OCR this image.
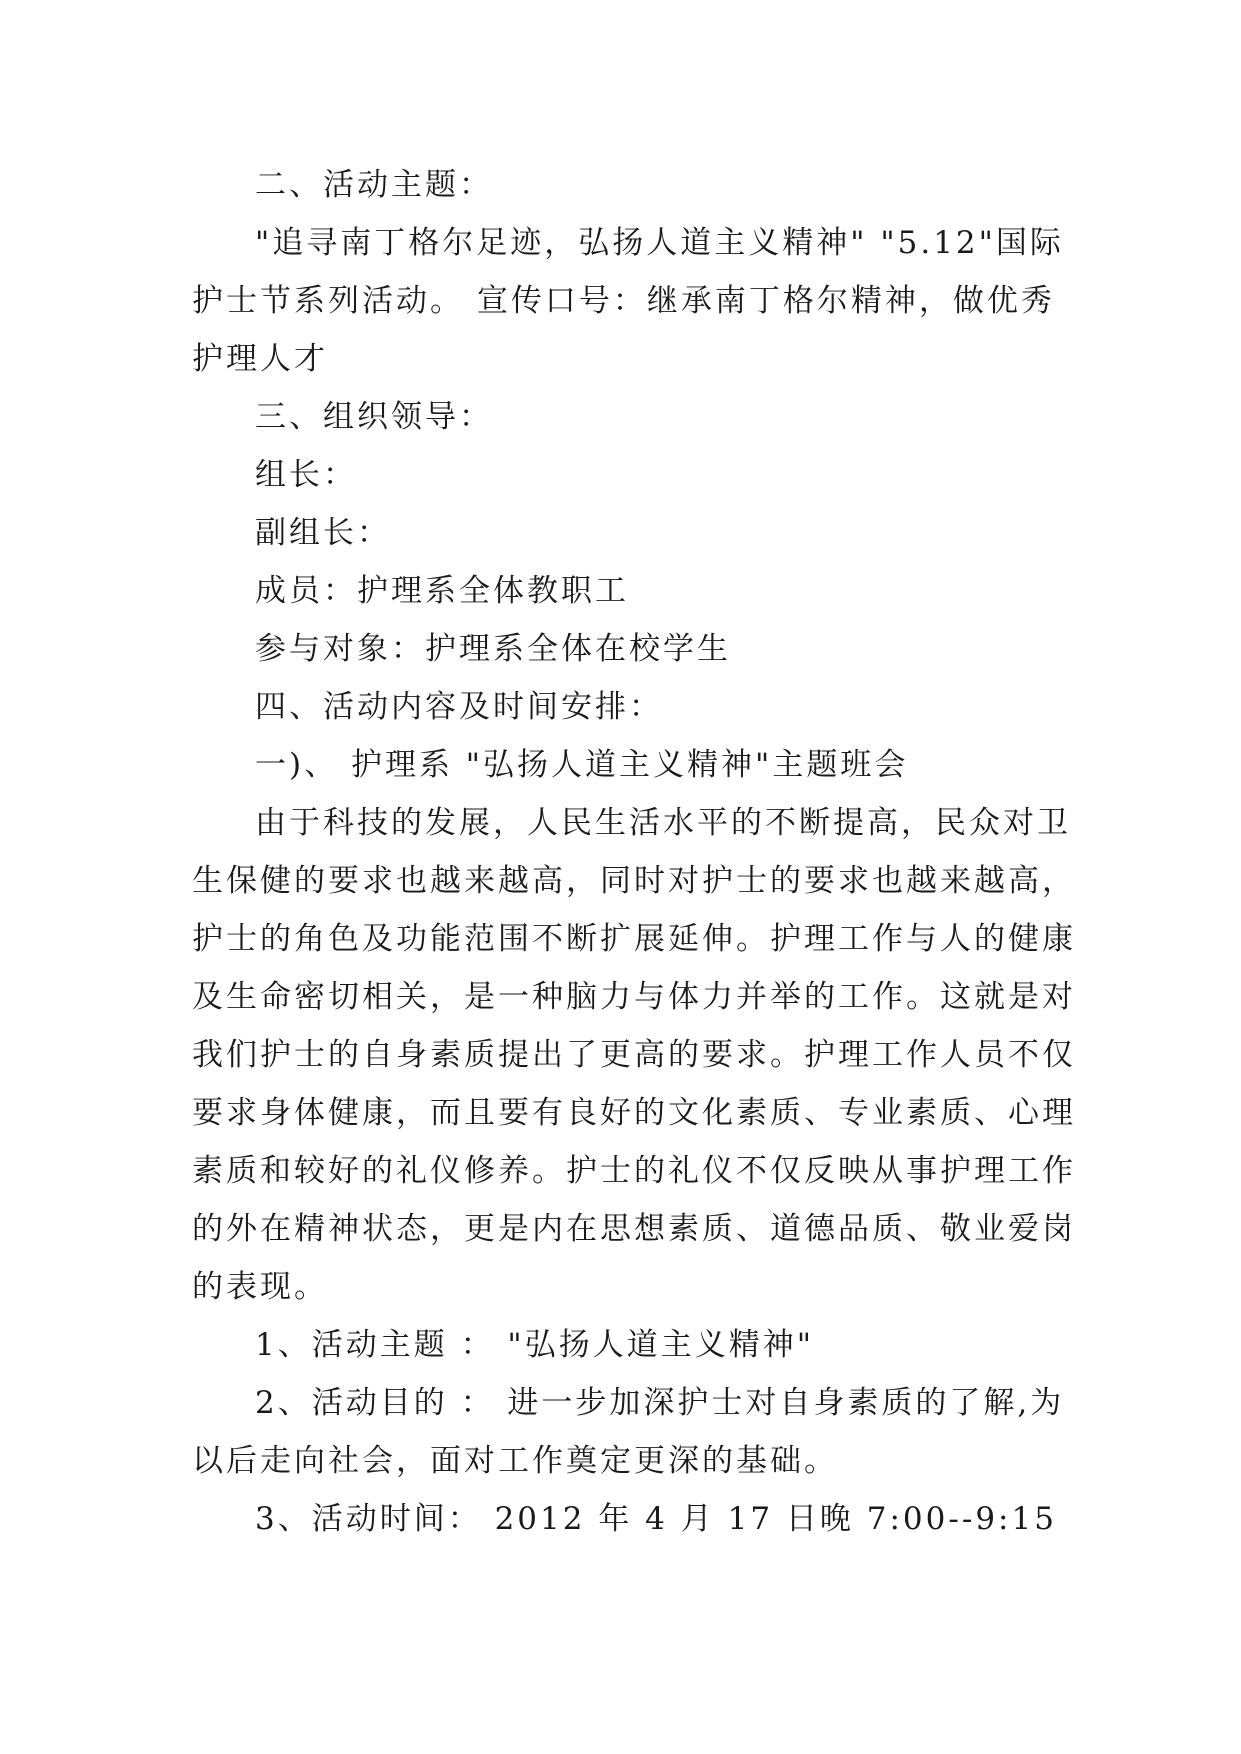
二、活动主题：
"追寻南丁格尔足迹，弘扬人道主义精神" "5.12"国际
护士节系列活动。 宣传口号：继承南丁格尔精神，做优秀
护理人才
三、组织领导：
组长：
副组长：
成员：护理系全体教职工
参与对象：护理系全体在校学生
四、活动内容及时间安排：
一)、 护理系 "弘扬人道主义精神"主题班会
由于科技的发展，人民生活水平的不断提高，民众对卫
生保健的要求也越来越高，同时对护士的要求也越来越高，
护士的角色及功能范围不断扩展延伸。护理工作与人的健康
及生命密切相关，是一种脑力与体力并举的工作。这就是对
我们护士的自身素质提出了更高的要求。护理工作人员不仅
要求身体健康，而且要有良好的文化素质、专业素质、心理
素质和较好的礼仪修养。护士的礼仪不仅反映从事护理工作
的外在精神状态，更是内在思想素质、道德品质、敬业爱岗
的表现。
1、活动主题 ： "弘扬人道主义精神"
2、活动目的 ： 进一步加深护士对自身素质的了解,为
以后走向社会，面对工作奠定更深的基础。
3、活动时间： 2012 年 4 月 17 日晚 7:00--9:15
